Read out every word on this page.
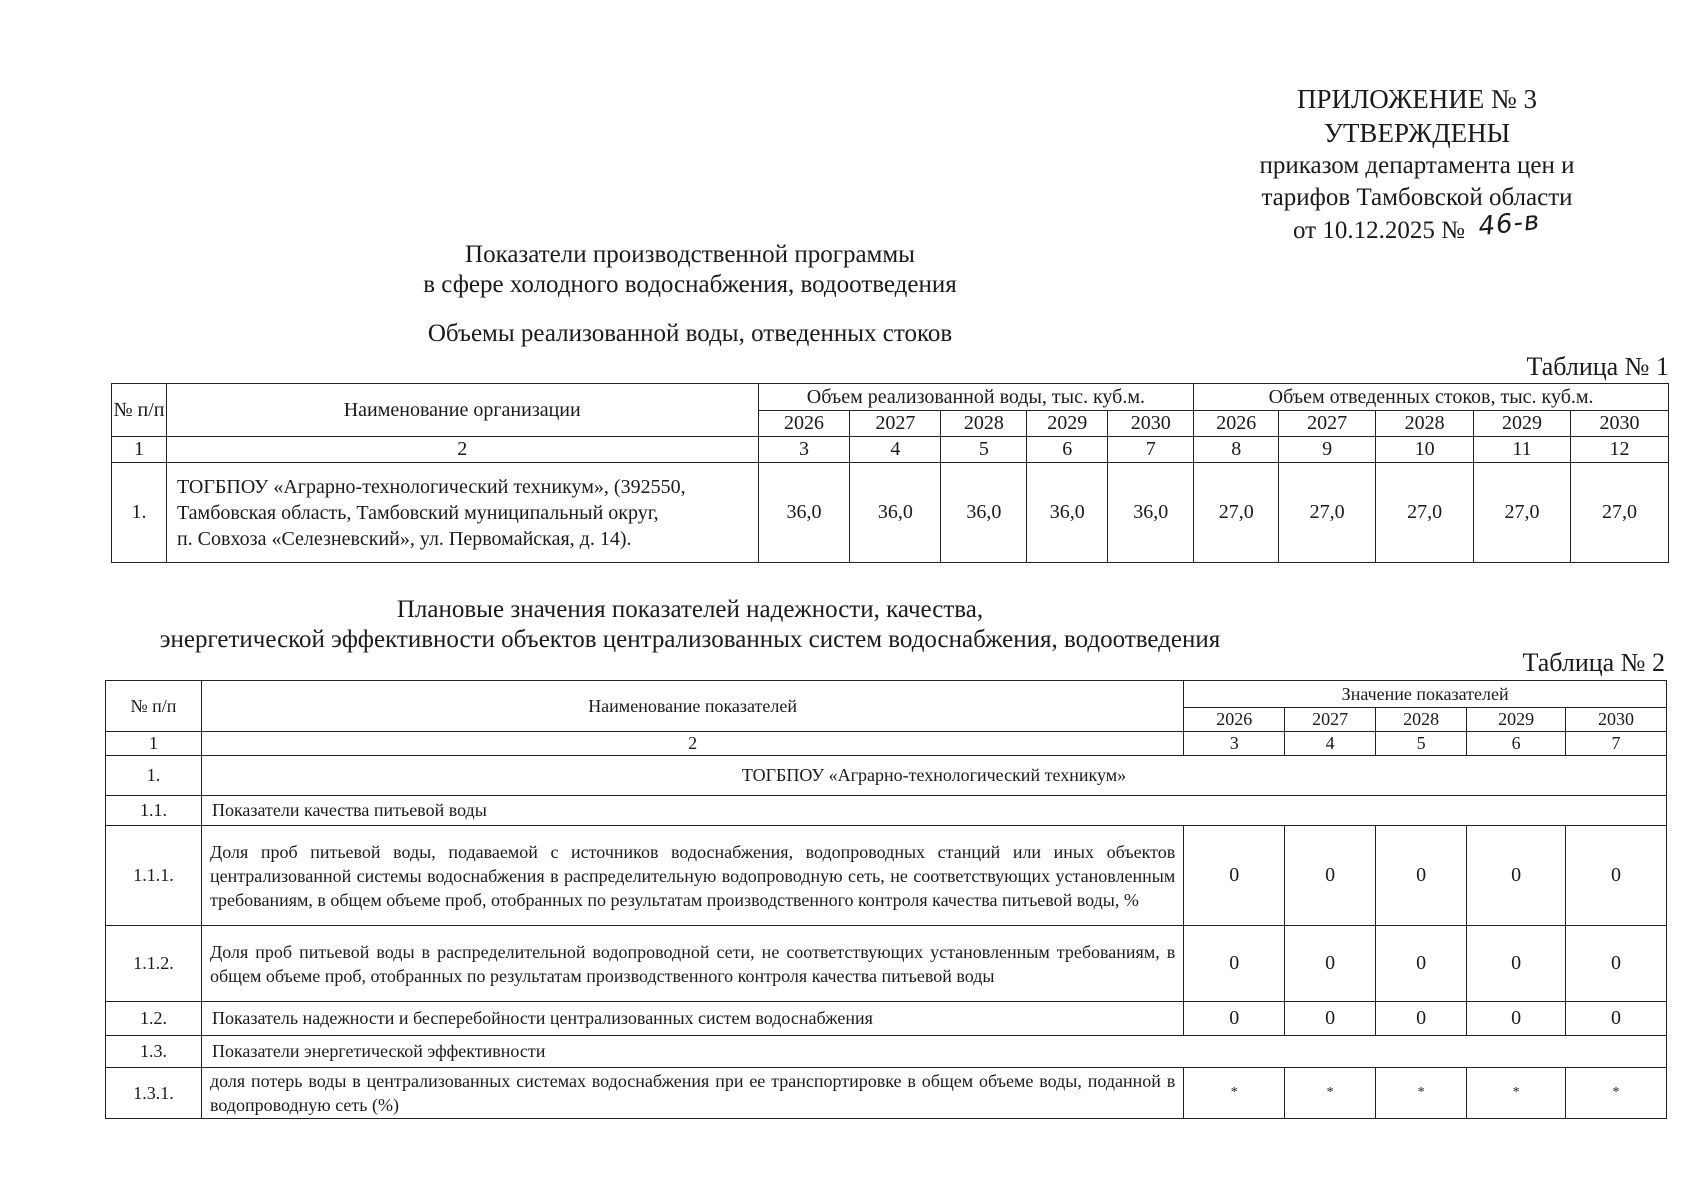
ПРИЛОЖЕНИЕ № 3
УТВЕРЖДЕНЫ
приказом департамента цен и
тарифов Тамбовской области
от 10.12.2025 № 46-в
Показатели производственной программы
в сфере холодного водоснабжения, водоотведения
Объемы реализованной воды, отведенных стоков
Таблица № 1
№ п/п	Наименование организации	Объем реализованной воды, тыс. куб.м.					Объем отведенных стоков, тыс. куб.м.				
		2026	2027	2028	2029	2030	2026	2027	2028	2029	2030
1	2	3	4	5	6	7	8	9	10	11	12
1.	ТОГБПОУ «Аграрно-технологический техникум», (392550,
Тамбовская область, Тамбовский муниципальный округ,
п. Совхоза «Селезневский», ул. Первомайская, д. 14).	36,0	36,0	36,0	36,0	36,0	27,0	27,0	27,0	27,0	27,0
Плановые значения показателей надежности, качества,
энергетической эффективности объектов централизованных систем водоснабжения, водоотведения
Таблица № 2
№ п/п	Наименование показателей	Значение показателей				
		2026	2027	2028	2029	2030
1	2	3	4	5	6	7
1.	ТОГБПОУ «Аграрно-технологический техникум»					
1.1.	Показатели качества питьевой воды					
1.1.1.	Доля проб питьевой воды, подаваемой с источников водоснабжения, водопроводных станций или иных объектов централизованной системы водоснабжения в распределительную водопроводную сеть, не соответствующих установленным требованиям, в общем объеме проб, отобранных по результатам производственного контроля качества питьевой воды, %	0	0	0	0	0
1.1.2.	Доля проб питьевой воды в распределительной водопроводной сети, не соответствующих установленным требованиям, в общем объеме проб, отобранных по результатам производственного контроля качества питьевой воды	0	0	0	0	0
1.2.	Показатель надежности и бесперебойности централизованных систем водоснабжения	0	0	0	0	0
1.3.	Показатели энергетической эффективности					
1.3.1.	доля потерь воды в централизованных системах водоснабжения при ее транспортировке в общем объеме воды, поданной в водопроводную сеть (%)	*	*	*	*	*
